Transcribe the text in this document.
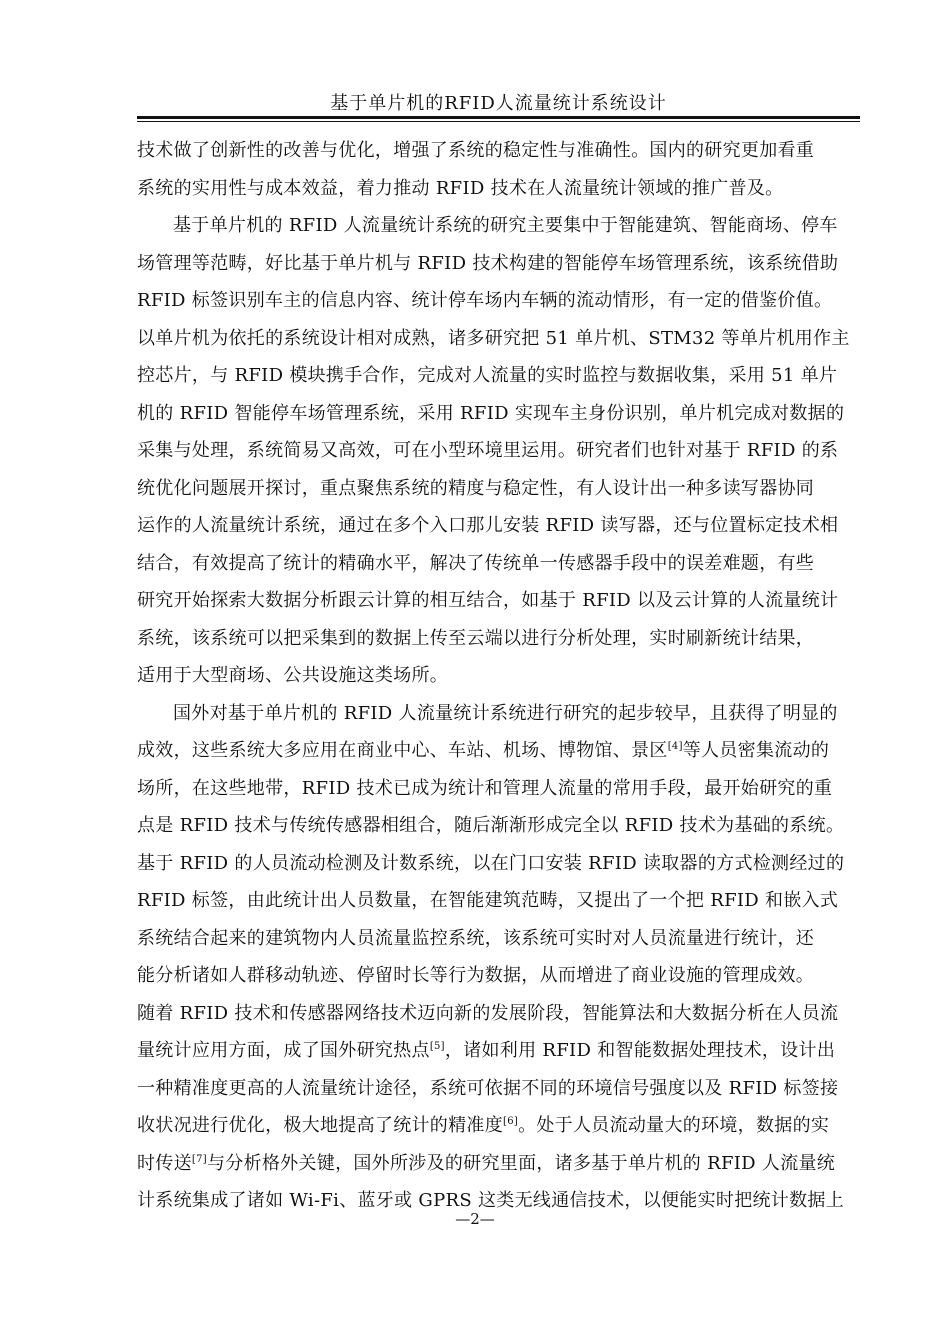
基于单片机的RFID人流量统计系统设计
技术做了创新性的改善与优化，增强了系统的稳定性与准确性。国内的研究更加看重
系统的实用性与成本效益，着力推动 RFID 技术在人流量统计领域的推广普及。
基于单片机的 RFID 人流量统计系统的研究主要集中于智能建筑、智能商场、停车
场管理等范畴，好比基于单片机与 RFID 技术构建的智能停车场管理系统，该系统借助
RFID 标签识别车主的信息内容、统计停车场内车辆的流动情形，有一定的借鉴价值。
以单片机为依托的系统设计相对成熟，诸多研究把 51 单片机、STM32 等单片机用作主
控芯片，与 RFID 模块携手合作，完成对人流量的实时监控与数据收集，采用 51 单片
机的 RFID 智能停车场管理系统，采用 RFID 实现车主身份识别，单片机完成对数据的
采集与处理，系统简易又高效，可在小型环境里运用。研究者们也针对基于 RFID 的系
统优化问题展开探讨，重点聚焦系统的精度与稳定性，有人设计出一种多读写器协同
运作的人流量统计系统，通过在多个入口那儿安装 RFID 读写器，还与位置标定技术相
结合，有效提高了统计的精确水平，解决了传统单一传感器手段中的误差难题，有些
研究开始探索大数据分析跟云计算的相互结合，如基于 RFID 以及云计算的人流量统计
系统，该系统可以把采集到的数据上传至云端以进行分析处理，实时刷新统计结果，
适用于大型商场、公共设施这类场所。
国外对基于单片机的 RFID 人流量统计系统进行研究的起步较早，且获得了明显的
成效，这些系统大多应用在商业中心、车站、机场、博物馆、景区[4]等人员密集流动的
场所，在这些地带，RFID 技术已成为统计和管理人流量的常用手段，最开始研究的重
点是 RFID 技术与传统传感器相组合，随后渐渐形成完全以 RFID 技术为基础的系统。
基于 RFID 的人员流动检测及计数系统，以在门口安装 RFID 读取器的方式检测经过的
RFID 标签，由此统计出人员数量，在智能建筑范畴，又提出了一个把 RFID 和嵌入式
系统结合起来的建筑物内人员流量监控系统，该系统可实时对人员流量进行统计，还
能分析诸如人群移动轨迹、停留时长等行为数据，从而增进了商业设施的管理成效。
随着 RFID 技术和传感器网络技术迈向新的发展阶段，智能算法和大数据分析在人员流
量统计应用方面，成了国外研究热点[5]，诸如利用 RFID 和智能数据处理技术，设计出
一种精准度更高的人流量统计途径，系统可依据不同的环境信号强度以及 RFID 标签接
收状况进行优化，极大地提高了统计的精准度[6]。处于人员流动量大的环境，数据的实
时传送[7]与分析格外关键，国外所涉及的研究里面，诸多基于单片机的 RFID 人流量统
计系统集成了诸如 Wi-Fi、蓝牙或 GPRS 这类无线通信技术，以便能实时把统计数据上
—2—
